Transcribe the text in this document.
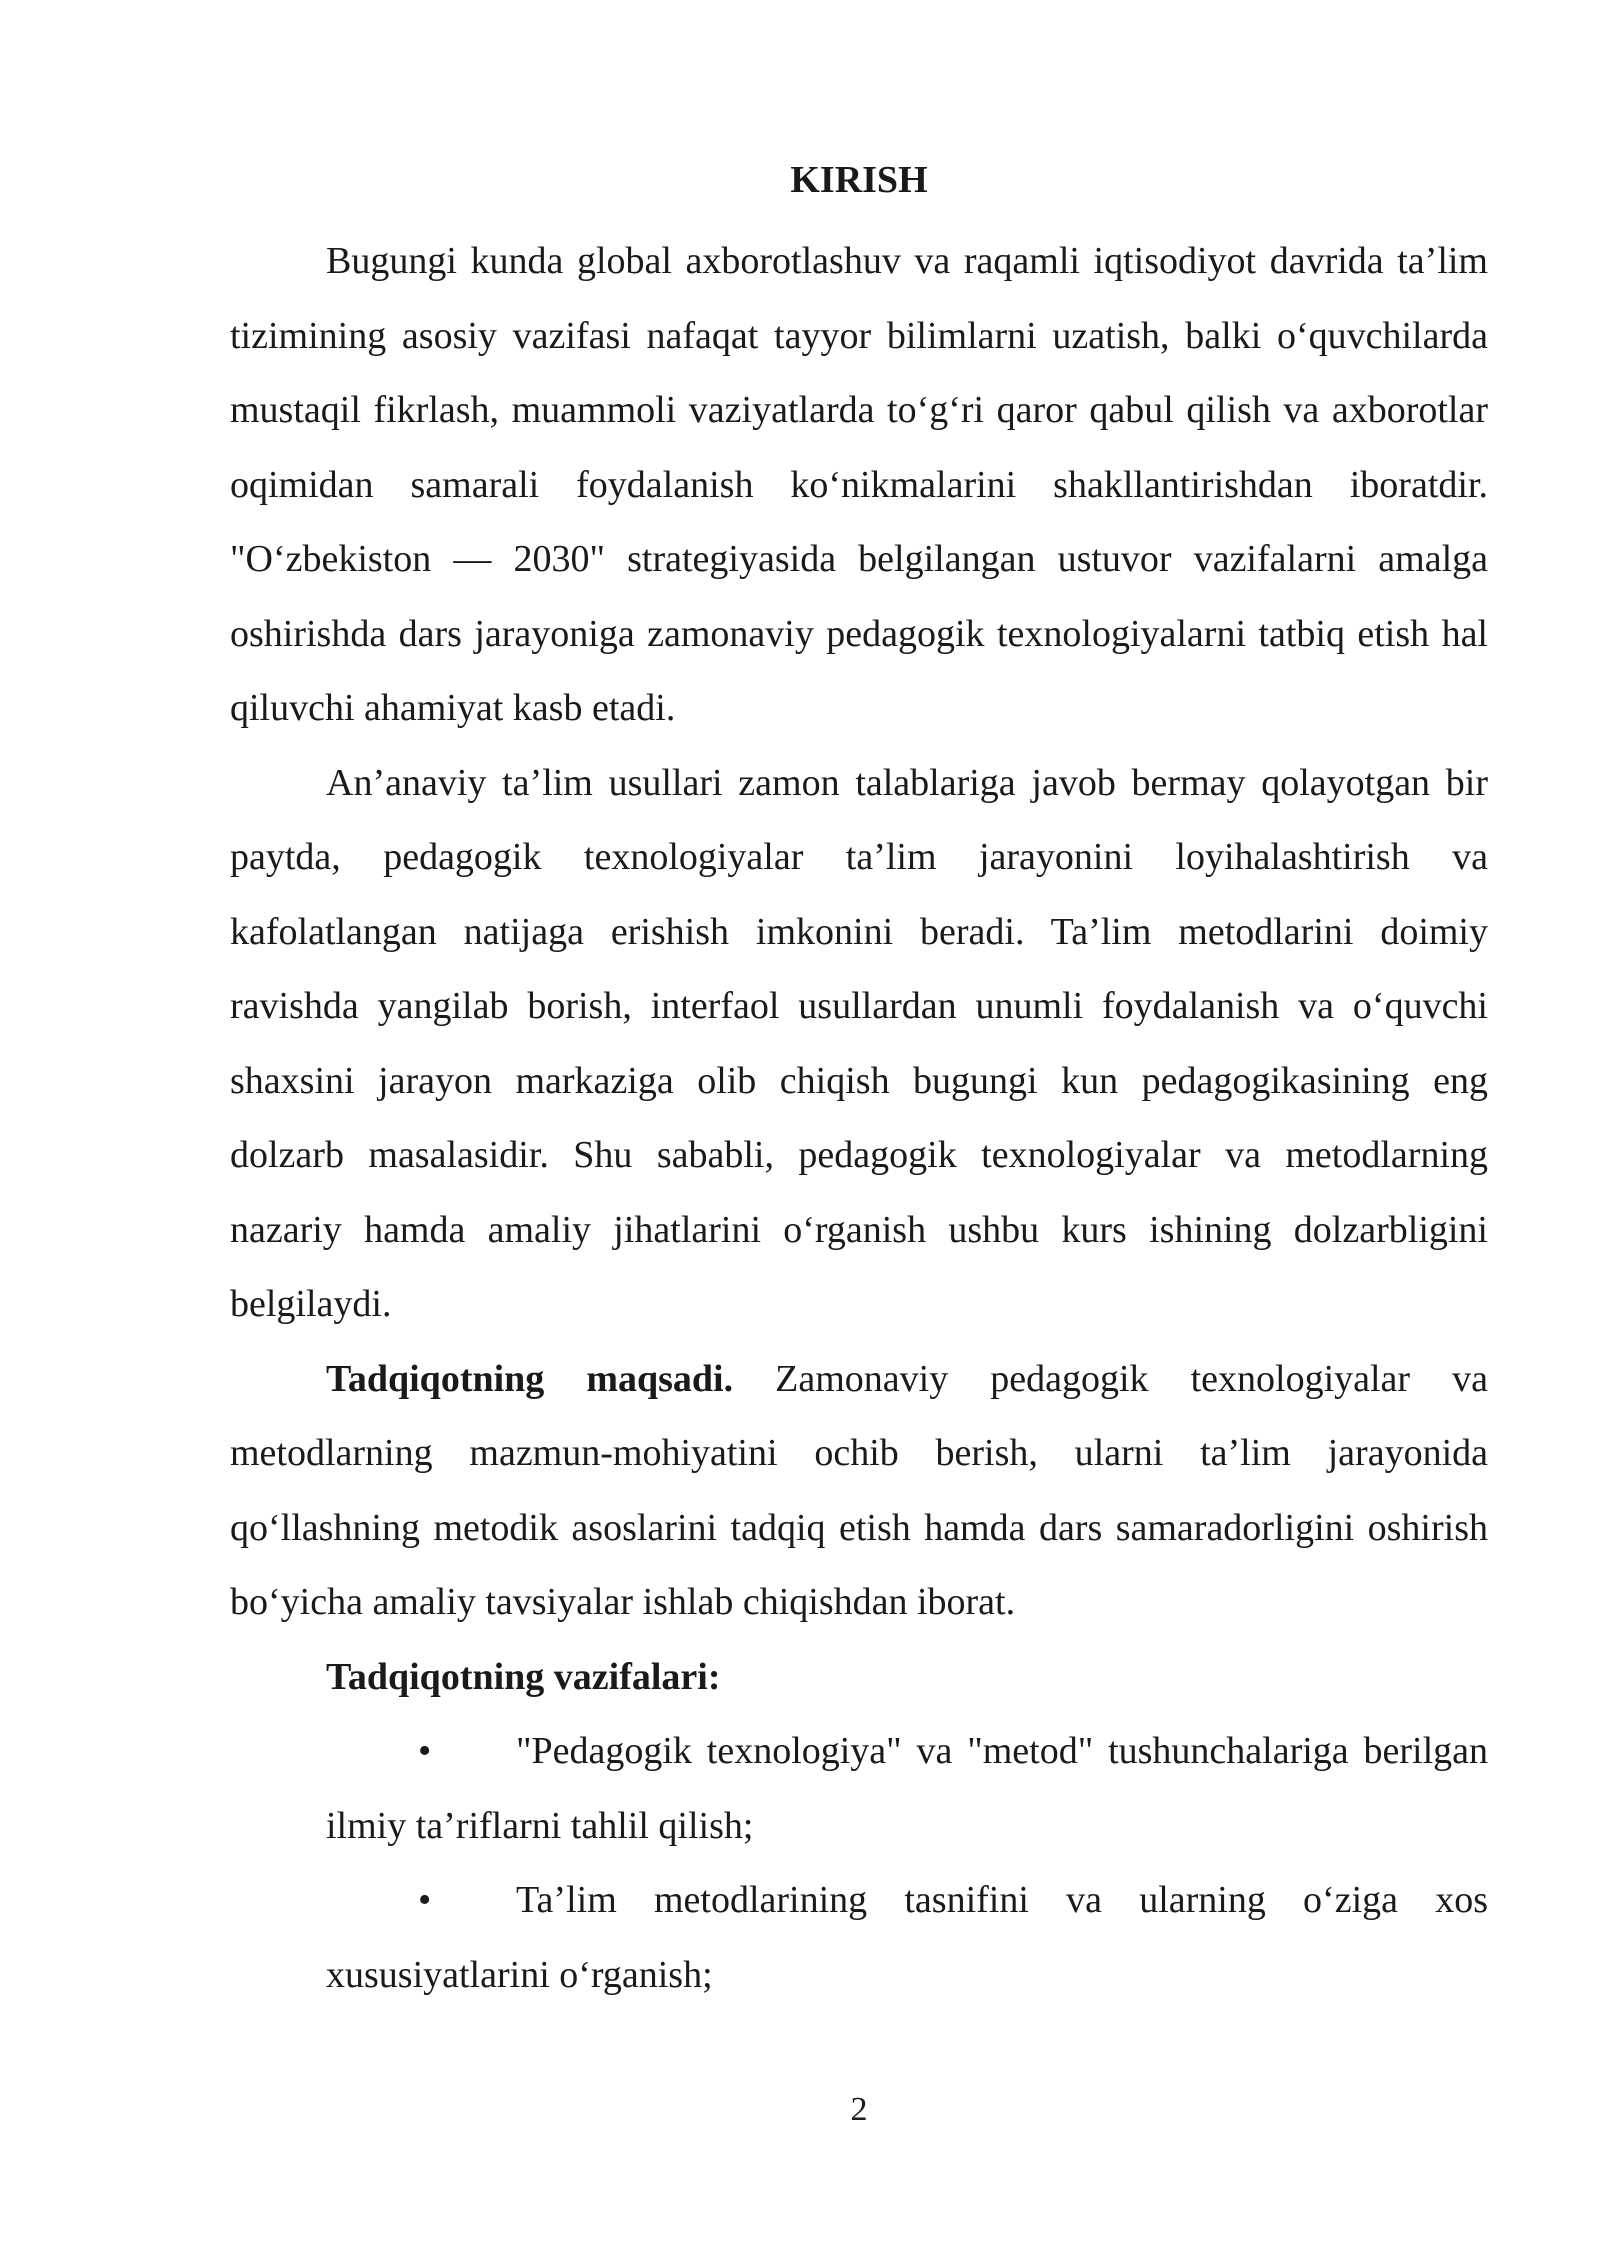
KIRISH

Bugungi kunda global axborotlashuv va raqamli iqtisodiyot davrida ta’lim tizimining asosiy vazifasi nafaqat tayyor bilimlarni uzatish, balki o‘quvchilarda mustaqil fikrlash, muammoli vaziyatlarda to‘g‘ri qaror qabul qilish va axborotlar oqimidan samarali foydalanish ko‘nikmalarini shakllantirishdan iboratdir. "O‘zbekiston — 2030" strategiyasida belgilangan ustuvor vazifalarni amalga oshirishda dars jarayoniga zamonaviy pedagogik texnologiyalarni tatbiq etish hal qiluvchi ahamiyat kasb etadi.

An’anaviy ta’lim usullari zamon talablariga javob bermay qolayotgan bir paytda, pedagogik texnologiyalar ta’lim jarayonini loyihalashtirish va kafolatlangan natijaga erishish imkonini beradi. Ta’lim metodlarini doimiy ravishda yangilab borish, interfaol usullardan unumli foydalanish va o‘quvchi shaxsini jarayon markaziga olib chiqish bugungi kun pedagogikasining eng dolzarb masalasidir. Shu sababli, pedagogik texnologiyalar va metodlarning nazariy hamda amaliy jihatlarini o‘rganish ushbu kurs ishining dolzarbligini belgilaydi.

Tadqiqotning maqsadi. Zamonaviy pedagogik texnologiyalar va metodlarning mazmun-mohiyatini ochib berish, ularni ta’lim jarayonida qo‘llashning metodik asoslarini tadqiq etish hamda dars samaradorligini oshirish bo‘yicha amaliy tavsiyalar ishlab chiqishdan iborat.

Tadqiqotning vazifalari:
• "Pedagogik texnologiya" va "metod" tushunchalariga berilgan ilmiy ta’riflarni tahlil qilish;
• Ta’lim metodlarining tasnifini va ularning o‘ziga xos xususiyatlarini o‘rganish;
2
